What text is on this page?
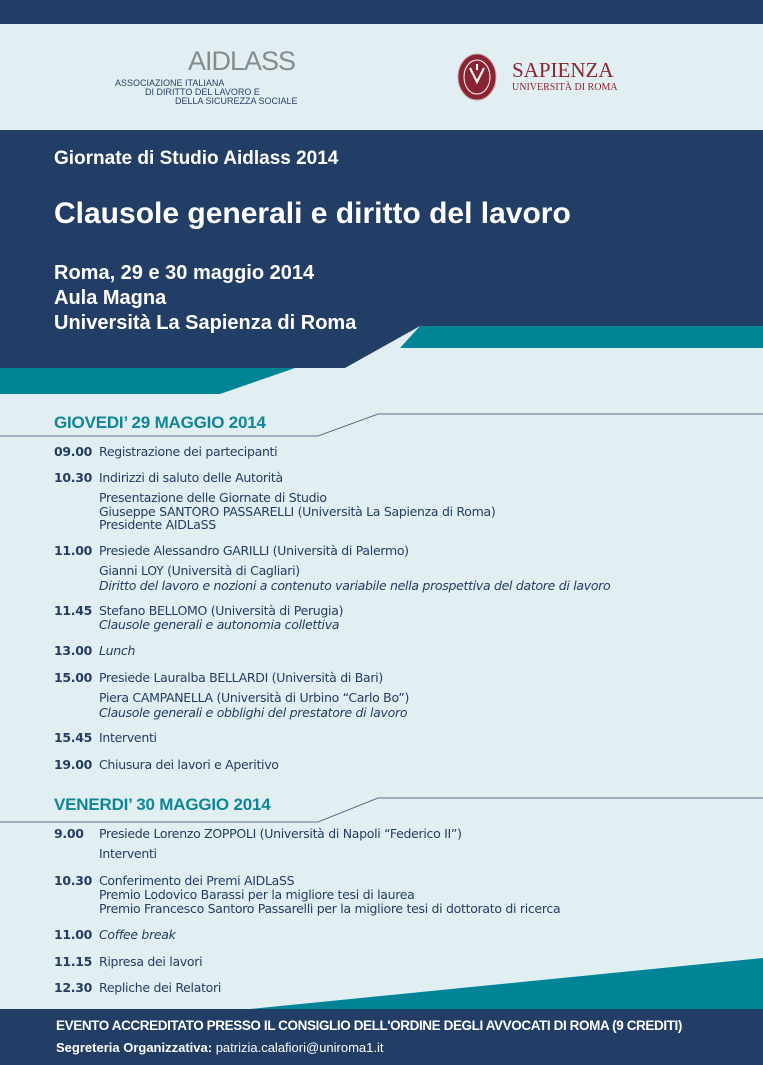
AIDLASS
ASSOCIAZIONE ITALIANA
DI DIRITTO DEL LAVORO E
DELLA SICUREZZA SOCIALE
SAPIENZA
UNIVERSITÀ DI ROMA
Giornate di Studio Aidlass 2014
Clausole generali e diritto del lavoro
Roma, 29 e 30 maggio 2014
Aula Magna
Università La Sapienza di Roma
GIOVEDI’ 29 MAGGIO 2014
09.00 Registrazione dei partecipanti
10.30 Indirizzi di saluto delle Autorità
Presentazione delle Giornate di Studio
Giuseppe SANTORO PASSARELLI (Università La Sapienza di Roma)
Presidente AIDLaSS
11.00 Presiede Alessandro GARILLI (Università di Palermo)
Gianni LOY (Università di Cagliari)
Diritto del lavoro e nozioni a contenuto variabile nella prospettiva del datore di lavoro
11.45 Stefano BELLOMO (Università di Perugia)
Clausole generali e autonomia collettiva
13.00 Lunch
15.00 Presiede Lauralba BELLARDI (Università di Bari)
Piera CAMPANELLA (Università di Urbino “Carlo Bo”)
Clausole generali e obblighi del prestatore di lavoro
15.45 Interventi
19.00 Chiusura dei lavori e Aperitivo
VENERDI’ 30 MAGGIO 2014
9.00	Presiede Lorenzo ZOPPOLI (Università di Napoli “Federico II”)
Interventi
10.30 Conferimento dei Premi AIDLaSS
Premio Lodovico Barassi per la migliore tesi di laurea
Premio Francesco Santoro Passarelli per la migliore tesi di dottorato di ricerca
11.00 Coffee break
11.15 Ripresa dei lavori
12.30 Repliche dei Relatori
EVENTO ACCREDITATO PRESSO IL CONSIGLIO DELL'ORDINE DEGLI AVVOCATI DI ROMA (9 CREDITI)
Segreteria Organizzativa: patrizia.calafiori@uniroma1.it
